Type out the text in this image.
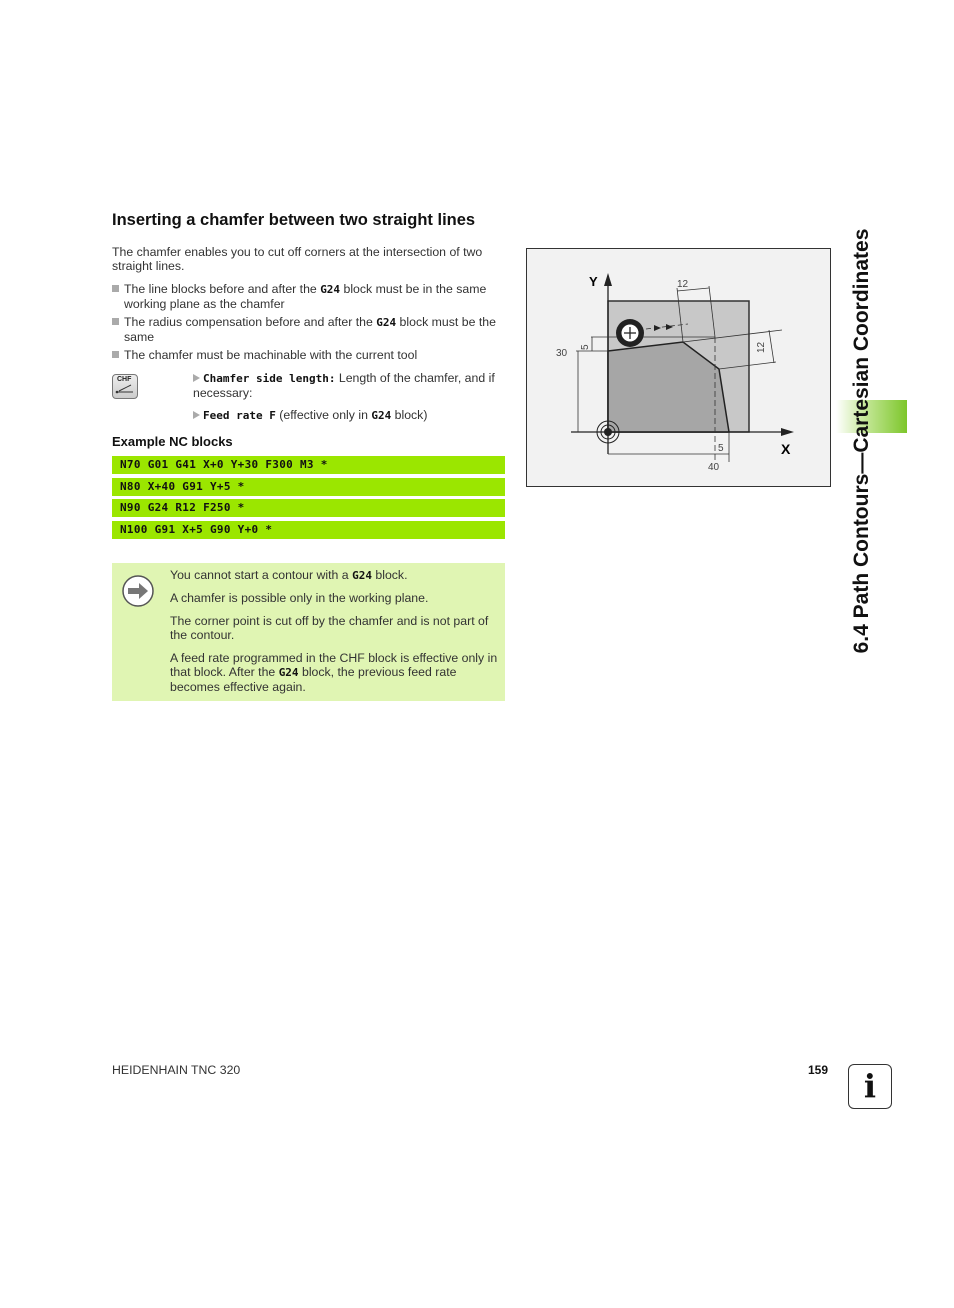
Inserting a chamfer between two straight lines
The chamfer enables you to cut off corners at the intersection of two straight lines.
The line blocks before and after the G24 block must be in the same working plane as the chamfer
The radius compensation before and after the G24 block must be the same
The chamfer must be machinable with the current tool
CHF	Chamfer side length: Length of the chamfer, and if necessary:
Feed rate F (effective only in G24 block)
Example NC blocks
N70 G01 G41 X+0 Y+30 F300 M3 *
N80 X+40 G91 Y+5 *
N90 G24 R12 F250 *
N100 G91 X+5 G90 Y+0 *

You cannot start a contour with a G24 block.

A chamfer is possible only in the working plane.

The corner point is cut off by the chamfer and is not part of the contour.

A feed rate programmed in the CHF block is effective only in that block. After the G24 block, the previous feed rate becomes effective again.

Y
X
12
12
5
30
5
40	6.4 Path Contours—Cartesian Coordinates
HEIDENHAIN TNC 320	159	i
